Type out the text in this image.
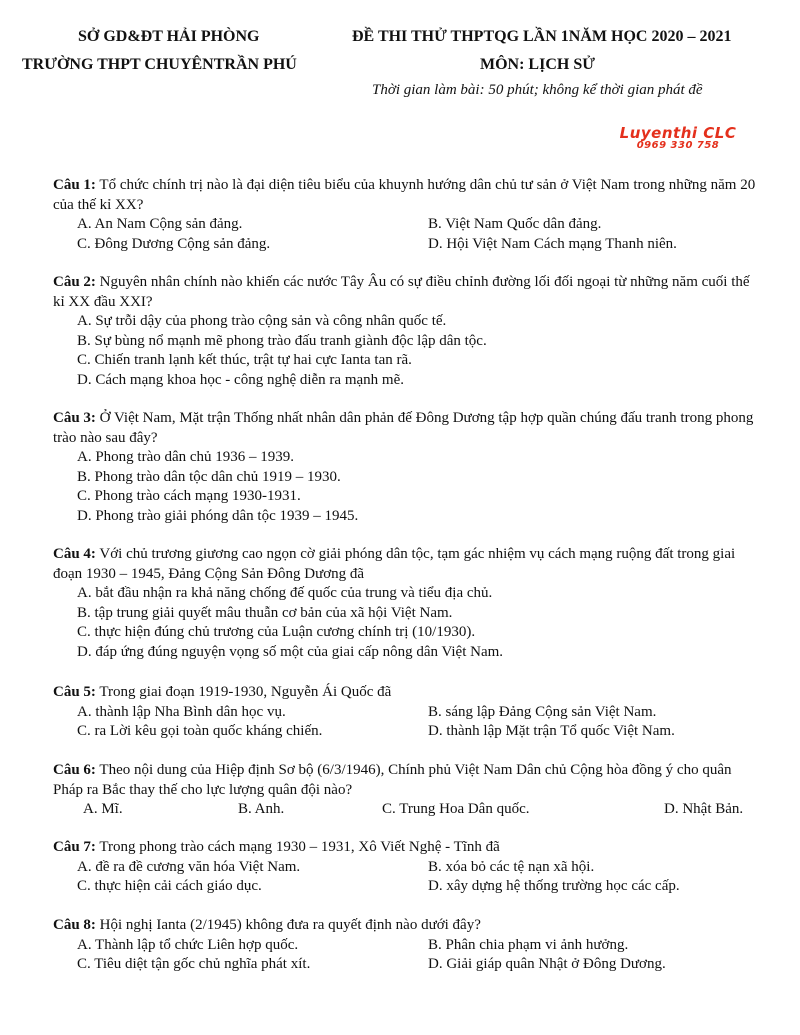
SỞ GD&ĐT HẢI PHÒNG
TRƯỜNG THPT CHUYÊNTRẦN PHÚ
ĐỀ THI THỬ THPTQG LẦN 1NĂM HỌC 2020 – 2021
MÔN: LỊCH SỬ
Thời gian làm bài: 50 phút; không kể thời gian phát đề
Luyenthi CLC
0969 330 758
Câu 1: Tổ chức chính trị nào là đại diện tiêu biểu của khuynh hướng dân chủ tư sản ở Việt Nam trong những năm 20 của thế kỉ XX?
A. An Nam Cộng sản đảng.	B. Việt Nam Quốc dân đảng.
C. Đông Dương Cộng sản đảng.	D. Hội Việt Nam Cách mạng Thanh niên.
Câu 2: Nguyên nhân chính nào khiến các nước Tây Âu có sự điều chỉnh đường lối đối ngoại từ những năm cuối thế kỉ XX đầu XXI?
A. Sự trỗi dậy của phong trào cộng sản và công nhân quốc tế.
B. Sự bùng nổ mạnh mẽ phong trào đấu tranh giành độc lập dân tộc.
C. Chiến tranh lạnh kết thúc, trật tự hai cực Ianta tan rã.
D. Cách mạng khoa học - công nghệ diễn ra mạnh mẽ.
Câu 3: Ở Việt Nam, Mặt trận Thống nhất nhân dân phản đế Đông Dương tập hợp quần chúng đấu tranh trong phong trào nào sau đây?
A. Phong trào dân chủ 1936 – 1939.
B. Phong trào dân tộc dân chủ 1919 – 1930.
C. Phong trào cách mạng 1930-1931.
D. Phong trào giải phóng dân tộc 1939 – 1945.
Câu 4: Với chủ trương giương cao ngọn cờ giải phóng dân tộc, tạm gác nhiệm vụ cách mạng ruộng đất trong giai đoạn 1930 – 1945, Đảng Cộng Sản Đông Dương đã
A. bắt đầu nhận ra khả năng chống đế quốc của trung và tiểu địa chủ.
B. tập trung giải quyết mâu thuẫn cơ bản của xã hội Việt Nam.
C. thực hiện đúng chủ trương của Luận cương chính trị (10/1930).
D. đáp ứng đúng nguyện vọng số một của giai cấp nông dân Việt Nam.
Câu 5: Trong giai đoạn 1919-1930, Nguyễn Ái Quốc đã
A. thành lập Nha Bình dân học vụ.	B. sáng lập Đảng Cộng sản Việt Nam.
C. ra Lời kêu gọi toàn quốc kháng chiến.	D. thành lập Mặt trận Tổ quốc Việt Nam.
Câu 6: Theo nội dung của Hiệp định Sơ bộ (6/3/1946), Chính phủ Việt Nam Dân chủ Cộng hòa đồng ý cho quân Pháp ra Bắc thay thế cho lực lượng quân đội nào?
A. Mĩ.	B. Anh.	C. Trung Hoa Dân quốc.	D. Nhật Bản.
Câu 7: Trong phong trào cách mạng 1930 – 1931, Xô Viết Nghệ - Tĩnh đã
A. đề ra đề cương văn hóa Việt Nam.	B. xóa bỏ các tệ nạn xã hội.
C. thực hiện cải cách giáo dục.	D. xây dựng hệ thống trường học các cấp.
Câu 8: Hội nghị Ianta (2/1945) không đưa ra quyết định nào dưới đây?
A. Thành lập tổ chức Liên hợp quốc.	B. Phân chia phạm vi ảnh hưởng.
C. Tiêu diệt tận gốc chủ nghĩa phát xít.	D. Giải giáp quân Nhật ở Đông Dương.
